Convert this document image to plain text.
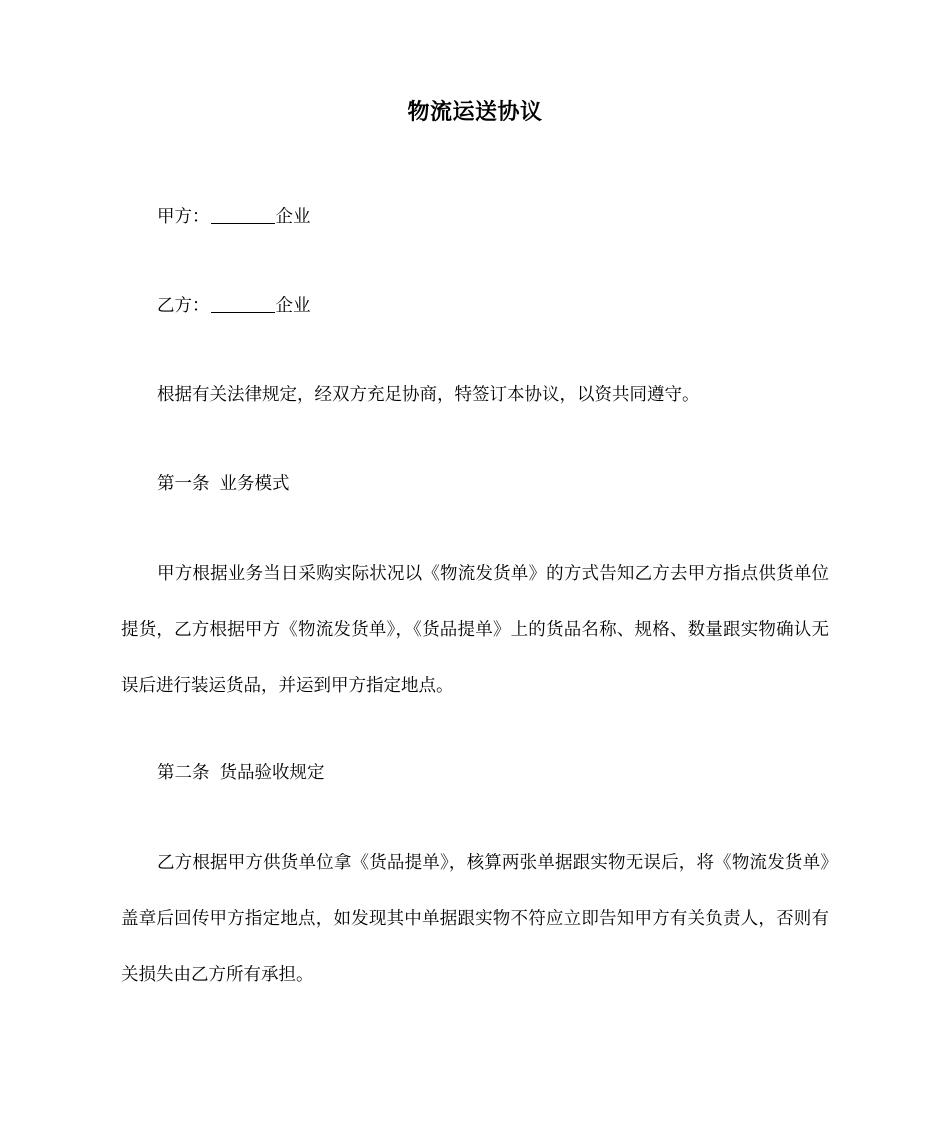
物流运送协议
甲方：	企业
乙方：	企业
根据有关法律规定，经双方充足协商，特签订本协议，以资共同遵守。
第一条 业务模式

甲方根据业务当日采购实际状况以《物流发货单》的方式告知乙方去甲方指点供货单位提货，乙方根据甲方《物流发货单》，《货品提单》上的货品名称、规格、数量跟实物确认无误后进行装运货品，并运到甲方指定地点。

第二条 货品验收规定

乙方根据甲方供货单位拿《货品提单》，核算两张单据跟实物无误后，将《物流发货单》盖章后回传甲方指定地点，如发现其中单据跟实物不符应立即告知甲方有关负责人，否则有关损失由乙方所有承担。
